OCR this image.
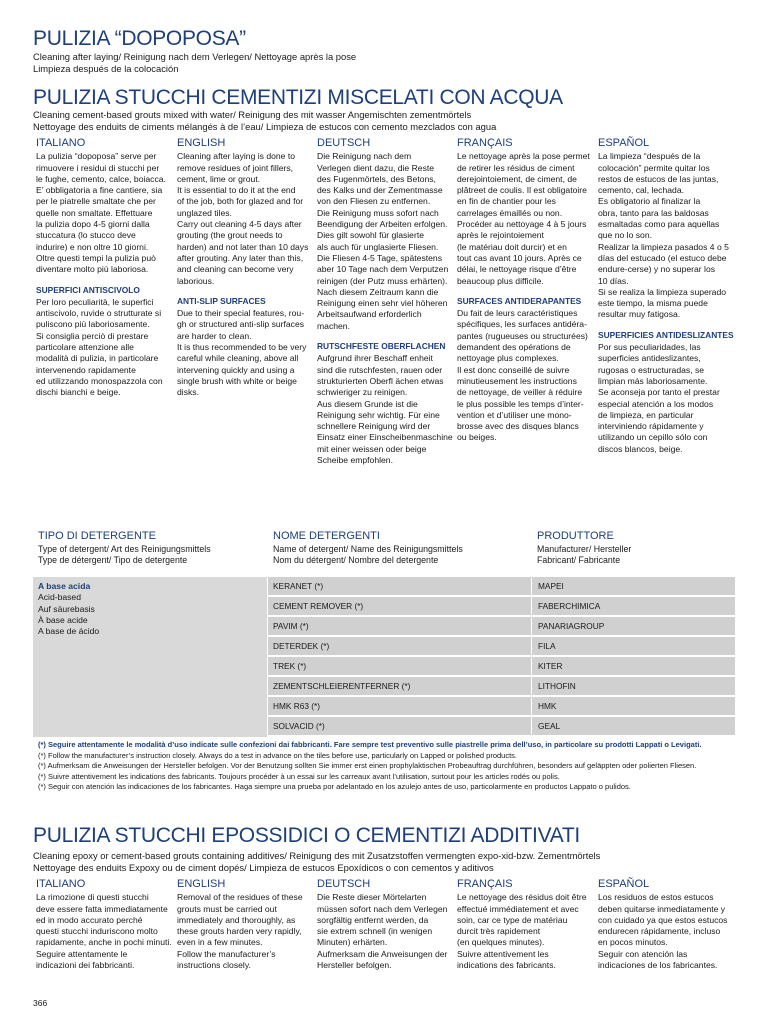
PULIZIA “DOPOPOSA”
Cleaning after laying/ Reinigung nach dem Verlegen/ Nettoyage après la pose
Limpieza después de la colocación
PULIZIA STUCCHI CEMENTIZI MISCELATI CON ACQUA
Cleaning cement-based grouts mixed with water/ Reinigung des mit wasser Angemischten zementmörtels
Nettoyage des enduits de ciments mélangés à de l’eau/ Limpieza de estucos con cemento mezclados con agua
ITALIANO
La pulizia “dopoposa” serve per
rimuovere i residui di stucchi per
le fughe, cemento, calce, boiacca.
E’ obbligatoria a fine cantiere, sia
per le piatrelle smaltate che per
quelle non smaltate. Effettuare
la pulizia dopo 4-5 giorni dalla
stuccatura (lo stucco deve
indurire) e non oltre 10 giorni.
Oltre questi tempi la pulizia può
diventare molto più laboriosa.
SUPERFICI ANTISCIVOLO
Per loro peculiarità, le superfici
antiscivolo, ruvide o strutturate si
puliscono più laboriosamente.
Si consiglia perciò di prestare
particolare attenzione alle
modalità di pulizia, in particolare
intervenendo rapidamente
ed utilizzando monospazzola con
dischi bianchi e beige.
ENGLISH
Cleaning after laying is done to
remove residues of joint fillers,
cement, lime or grout.
It is essential to do it at the end
of the job, both for glazed and for
unglazed tiles.
Carry out cleaning 4-5 days after
grouting (the grout needs to
harden) and not later than 10 days
after grouting. Any later than this,
and cleaning can become very
laborious.
ANTI-SLIP SURFACES
Due to their special features, rou-
gh or structured anti-slip surfaces
are harder to clean.
It is thus recommended to be very
careful while cleaning, above all
intervening quickly and using a
single brush with white or beige
disks.
DEUTSCH
Die Reinigung nach dem
Verlegen dient dazu, die Reste
des Fugenmörtels, des Betons,
des Kalks und der Zementmasse
von den Fliesen zu entfernen.
Die Reinigung muss sofort nach
Beendigung der Arbeiten erfolgen.
Dies gilt sowohl für glasierte
als auch für unglasierte Fliesen.
Die Fliesen 4-5 Tage, spätestens
aber 10 Tage nach dem Verputzen
reinigen (der Putz muss erhärten).
Nach diesem Zeitraum kann die
Reinigung einen sehr viel höheren
Arbeitsaufwand erforderlich
machen.
RUTSCHFESTE OBERFLACHEN
Aufgrund ihrer Beschaff enheit
sind die rutschfesten, rauen oder
strukturierten Oberfl ächen etwas
schwieriger zu reinigen.
Aus diesem Grunde ist die
Reinigung sehr wichtig. Für eine
schnellere Reinigung wird der
Einsatz einer Einscheibenmaschine
mit einer weissen oder beige
Scheibe empfohlen.
FRANÇAIS
Le nettoyage après la pose permet
de retirer les résidus de ciment
derejointoiement, de ciment, de
plâtreet de coulis. Il est obligatoire
en fin de chantier pour les
carrelages émaillés ou non.
Procéder au nettoyage 4 à 5 jours
après le rejointoiement
(le matériau doit durcir) et en
tout cas avant 10 jours. Après ce
délai, le nettoyage risque d’être
beaucoup plus difficile.
SURFACES ANTIDERAPANTES
Du fait de leurs caractéristiques
spécifiques, les surfaces antidéra-
pantes (rugueuses ou structurées)
demandent des opérations de
nettoyage plus complexes.
Il est donc conseillé de suivre
minutieusement les instructions
de nettoyage, de veiller à réduire
le plus possible les temps d’inter-
vention et d’utiliser une mono-
brosse avec des disques blancs
ou beiges.
ESPAÑOL
La limpieza “después de la
colocación” permite quitar los
restos de estucos de las juntas,
cemento, cal, lechada.
Es obligatorio al finalizar la
obra, tanto para las baldosas
esmaltadas como para aquellas
que no lo son.
Realizar la limpieza pasados 4 o 5
días del estucado (el estuco debe
endure-cerse) y no superar los
10 días.
Si se realiza la limpieza superado
este tiempo, la misma puede
resultar muy fatigosa.
SUPERFICIES ANTIDESLIZANTES
Por sus peculiaridades, las
superficies antideslizantes,
rugosas o estructuradas, se
limpian más laboriosamente.
Se aconseja por tanto el prestar
especial atención a los modos
de limpieza, en particular
interviniendo rápidamente y
utilizando un cepillo sólo con
discos blancos, beige.
TIPO DI DETERGENTE
Type of detergent/ Art des Reinigungsmittels
Type de détergent/ Tipo de detergente
NOME DETERGENTI
Name of detergent/ Name des Reinigungsmittels
Nom du détergent/ Nombre del detergente
PRODUTTORE
Manufacturer/ Hersteller
Fabricant/ Fabricante
A base acida
Acid-based
Auf säurebasis
À base acide
A base de ácido
KERANET (*)	MAPEI
CEMENT REMOVER (*)	FABERCHIMICA
PAVIM (*)	PANARIAGROUP
DETERDEK (*)	FILA
TREK (*)	KITER
ZEMENTSCHLEIERENTFERNER (*)	LITHOFIN
HMK R63 (*)	HMK
SOLVACID (*)	GEAL
(*) Seguire attentamente le modalità d’uso indicate sulle confezioni dai fabbricanti. Fare sempre test preventivo sulle piastrelle prima dell’uso, in particolare su prodotti Lappati o Levigati.
(*) Follow the manufacturer’s instruction closely. Always do a test in advance on the tiles before use, particularly on Lapped or polished products.
(*) Aufmerksam die Anweisungen der Hersteller befolgen. Vor der Benutzung sollten Sie immer erst einen prophylaktischen Probeauftrag durchführen, besonders auf geläppten oder polierten Fliesen.
(*) Suivre attentivement les indications des fabricants. Toujours procéder à un essai sur les carreaux avant l’utilisation, surtout pour les articles rodés ou polis.
(*) Seguir con atención las indicaciones de los fabricantes. Haga siempre una prueba por adelantado en los azulejo antes de uso, particolarmente en productos Lappato o pulidos.
PULIZIA STUCCHI EPOSSIDICI O CEMENTIZI ADDITIVATI
Cleaning epoxy or cement-based grouts containing additives/ Reinigung des mit Zusatzstoffen vermengten expo-xid-bzw. Zementmörtels
Nettoyage des enduits Expoxy ou de ciment dopés/ Limpieza de estucos Epoxídicos o con cementos y aditivos
ITALIANO
La rimozione di questi stucchi
deve essere fatta immediatamente
ed in modo accurato perché
questi stucchi induriscono molto
rapidamente, anche in pochi minuti.
Seguire attentamente le
indicazioni dei fabbricanti.
ENGLISH
Removal of the residues of these
grouts must be carried out
immediately and thoroughly, as
these grouts harden very rapidly,
even in a few minutes.
Follow the manufacturer’s
instructions closely.
DEUTSCH
Die Reste dieser Mörtelarten
müssen sofort nach dem Verlegen
sorgfältig entfernt werden, da
sie extrem schnell (in wenigen
Minuten) erhärten.
Aufmerksam die Anweisungen der
Hersteller befolgen.
FRANÇAIS
Le nettoyage des résidus doit être
effectué immédiatement et avec
soin, car ce type de matériau
durcit très rapidement
(en quelques minutes).
Suivre attentivement les
indications des fabricants.
ESPAÑOL
Los residuos de estos estucos
deben quitarse inmediatamente y
con cuidado ya que estos estucos
endurecen rápidamente, incluso
en pocos minutos.
Seguir con atención las
indicaciones de los fabricantes.
366
